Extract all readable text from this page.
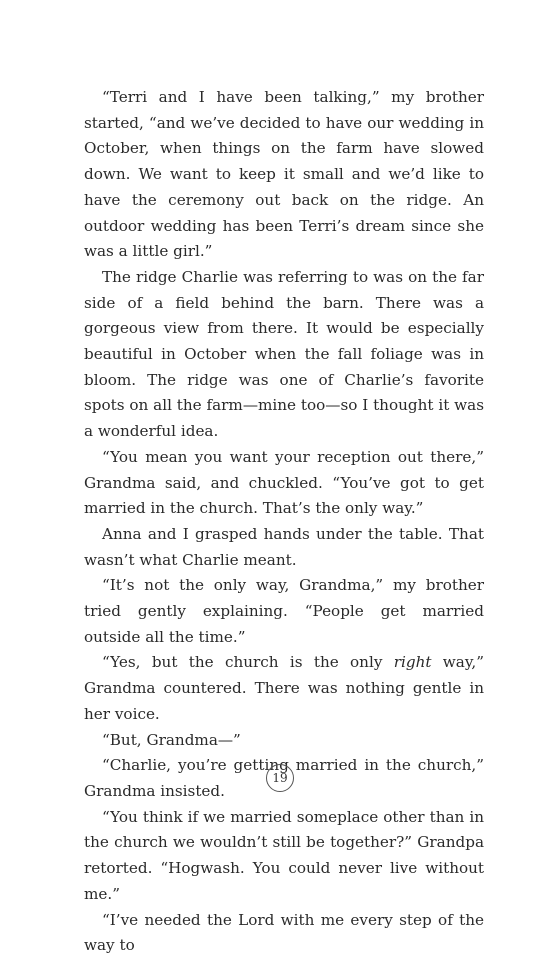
“Terri and I have been talking,” my brother started, “and we’ve decided to have our wedding in October, when things on the farm have slowed down. We want to keep it small and we’d like to have the ceremony out back on the ridge. An outdoor wedding has been Terri’s dream since she was a little girl.”

The ridge Charlie was referring to was on the far side of a field behind the barn. There was a gorgeous view from there. It would be especially beautiful in October when the fall foliage was in bloom. The ridge was one of Charlie’s favorite spots on all the farm—mine too—so I thought it was a wonderful idea.

“You mean you want your reception out there,” Grandma said, and chuckled. “You’ve got to get married in the church. That’s the only way.”

Anna and I grasped hands under the table. That wasn’t what Charlie meant.

“It’s not the only way, Grandma,” my brother tried gently explaining. “People get married outside all the time.”

“Yes, but the church is the only right way,” Grandma countered. There was nothing gentle in her voice.

“But, Grandma—”

“Charlie, you’re getting married in the church,” Grandma insisted.

“You think if we married someplace other than in the church we wouldn’t still be together?” Grandpa retorted. “Hogwash. You could never live without me.”

“I’ve needed the Lord with me every step of the way to

19
